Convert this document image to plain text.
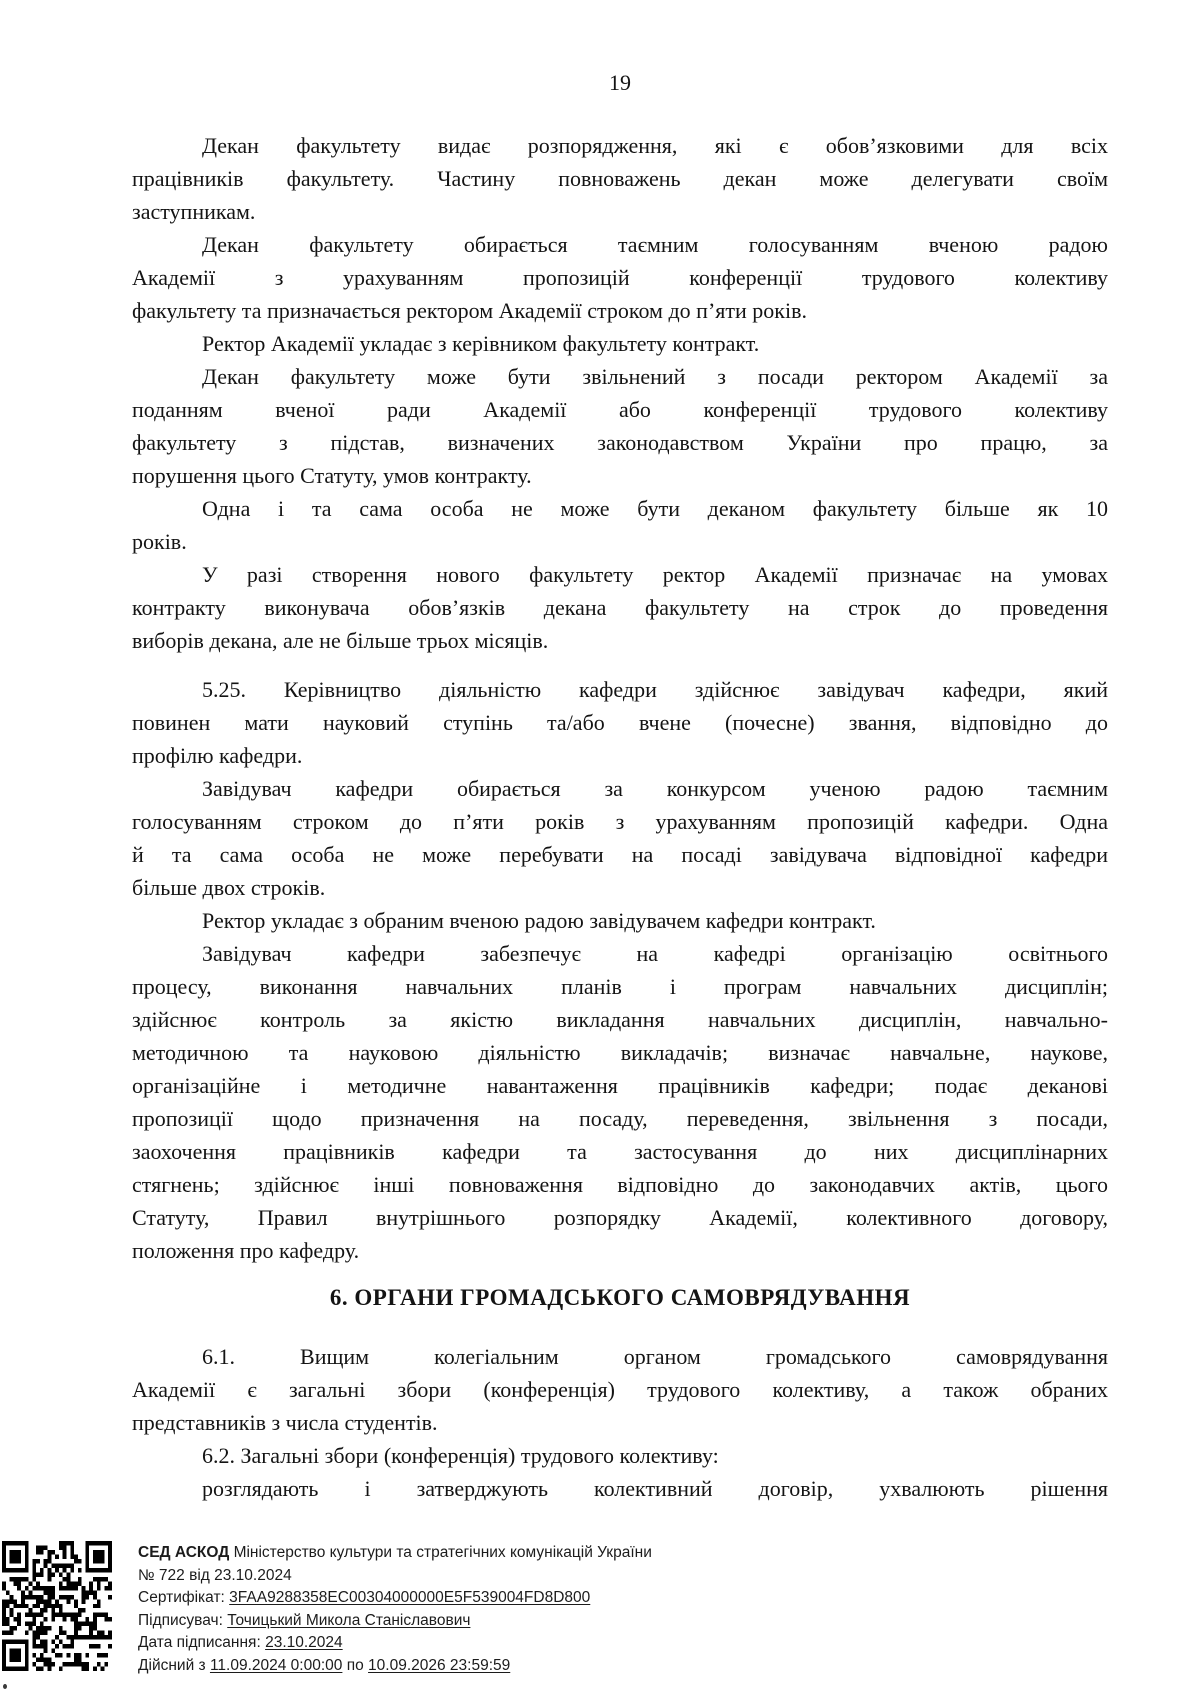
19
Декан факультету видає розпорядження, які є обов’язковими для всіх
працівників факультету. Частину повноважень декан може делегувати своїм
заступникам.
Декан факультету обирається таємним голосуванням вченою радою
Академії з урахуванням пропозицій конференції трудового колективу
факультету та призначається ректором Академії строком до п’яти років.
Ректор Академії укладає з керівником факультету контракт.
Декан факультету може бути звільнений з посади ректором Академії за
поданням вченої ради Академії або конференції трудового колективу
факультету з підстав, визначених законодавством України про працю, за
порушення цього Статуту, умов контракту.
Одна і та сама особа не може бути деканом факультету більше як 10
років.
У разі створення нового факультету ректор Академії призначає на умовах
контракту виконувача обов’язків декана факультету на строк до проведення
виборів декана, але не більше трьох місяців.
5.25. Керівництво діяльністю кафедри здійснює завідувач кафедри, який
повинен мати науковий ступінь та/або вчене (почесне) звання, відповідно до
профілю кафедри.
Завідувач кафедри обирається за конкурсом ученою радою таємним
голосуванням строком до п’яти років з урахуванням пропозицій кафедри. Одна
й та сама особа не може перебувати на посаді завідувача відповідної кафедри
більше двох строків.
Ректор укладає з обраним вченою радою завідувачем кафедри контракт.
Завідувач кафедри забезпечує на кафедрі організацію освітнього
процесу, виконання навчальних планів і програм навчальних дисциплін;
здійснює контроль за якістю викладання навчальних дисциплін, навчально-
методичною та науковою діяльністю викладачів; визначає навчальне, наукове,
організаційне і методичне навантаження працівників кафедри; подає деканові
пропозиції щодо призначення на посаду, переведення, звільнення з посади,
заохочення працівників кафедри та застосування до них дисциплінарних
стягнень; здійснює інші повноваження відповідно до законодавчих актів, цього
Статуту, Правил внутрішнього розпорядку Академії, колективного договору,
положення про кафедру.
6. ОРГАНИ ГРОМАДСЬКОГО САМОВРЯДУВАННЯ
6.1. Вищим колегіальним органом громадського самоврядування
Академії є загальні збори (конференція) трудового колективу, а також обраних
представників з числа студентів.
6.2. Загальні збори (конференція) трудового колективу:
розглядають і затверджують колективний договір, ухвалюють рішення
СЕД АСКОД Міністерство культури та стратегічних комунікацій України
№ 722 від 23.10.2024
Сертифікат: 3FAA9288358EC00304000000E5F539004FD8D800
Підписувач: Точицький Микола Станіславович
Дата підписання: 23.10.2024
Дійсний з 11.09.2024 0:00:00 по 10.09.2026 23:59:59
